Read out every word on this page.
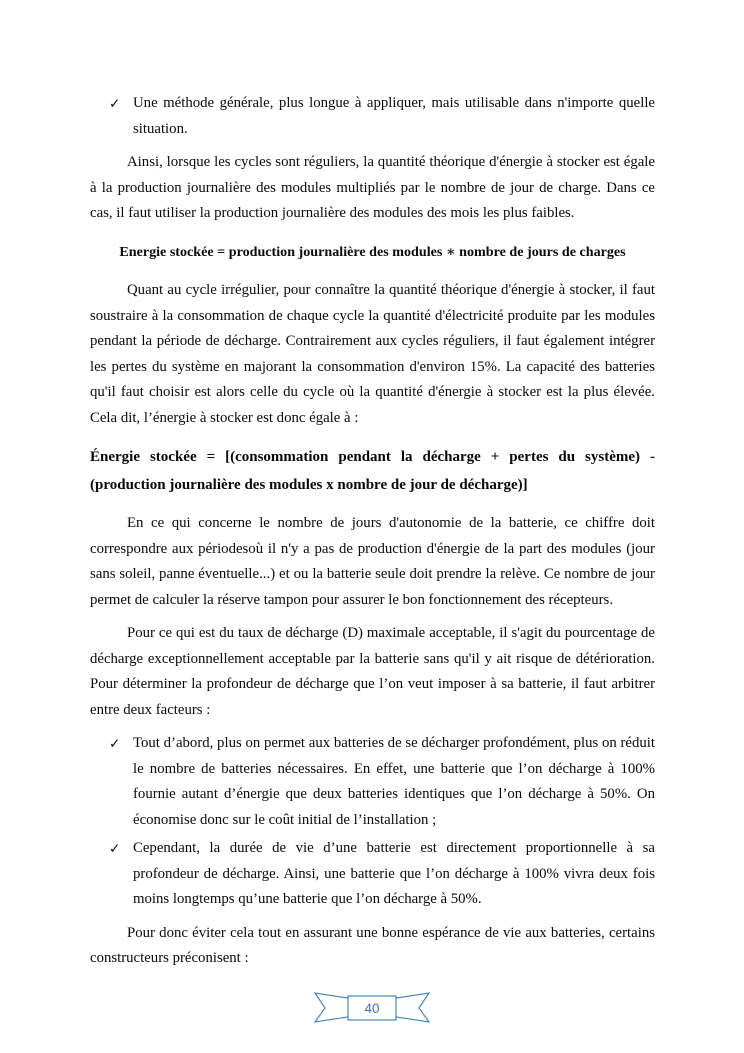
✓ Une méthode générale, plus longue à appliquer, mais utilisable dans n'importe quelle situation.

Ainsi, lorsque les cycles sont réguliers, la quantité théorique d'énergie à stocker est égale à la production journalière des modules multipliés par le nombre de jour de charge. Dans ce cas, il faut utiliser la production journalière des modules des mois les plus faibles.

Energie stockée = production journalière des modules ∗ nombre de jours de charges

Quant au cycle irrégulier, pour connaître la quantité théorique d'énergie à stocker, il faut soustraire à la consommation de chaque cycle la quantité d'électricité produite par les modules pendant la période de décharge. Contrairement aux cycles réguliers, il faut également intégrer les pertes du système en majorant la consommation d'environ 15%. La capacité des batteries qu'il faut choisir est alors celle du cycle où la quantité d'énergie à stocker est la plus élevée. Cela dit, l’énergie à stocker est donc égale à :

Énergie stockée = [(consommation pendant la décharge + pertes du système) - (production journalière des modules x nombre de jour de décharge)]

En ce qui concerne le nombre de jours d'autonomie de la batterie, ce chiffre doit correspondre aux périodesoù il n'y a pas de production d'énergie de la part des modules (jour sans soleil, panne éventuelle...) et ou la batterie seule doit prendre la relève. Ce nombre de jour permet de calculer la réserve tampon pour assurer le bon fonctionnement des récepteurs.

Pour ce qui est du taux de décharge (D) maximale acceptable, il s'agit du pourcentage de décharge exceptionnellement acceptable par la batterie sans qu'il y ait risque de détérioration. Pour déterminer la profondeur de décharge que l’on veut imposer à sa batterie, il faut arbitrer entre deux facteurs :

✓ Tout d’abord, plus on permet aux batteries de se décharger profondément, plus on réduit le nombre de batteries nécessaires. En effet, une batterie que l’on décharge à 100% fournie autant d’énergie que deux batteries identiques que l’on décharge à 50%. On économise donc sur le coût initial de l’installation ;
✓ Cependant, la durée de vie d’une batterie est directement proportionnelle à sa profondeur de décharge. Ainsi, une batterie que l’on décharge à 100% vivra deux fois moins longtemps qu’une batterie que l’on décharge à 50%.

Pour donc éviter cela tout en assurant une bonne espérance de vie aux batteries, certains constructeurs préconisent :

40
